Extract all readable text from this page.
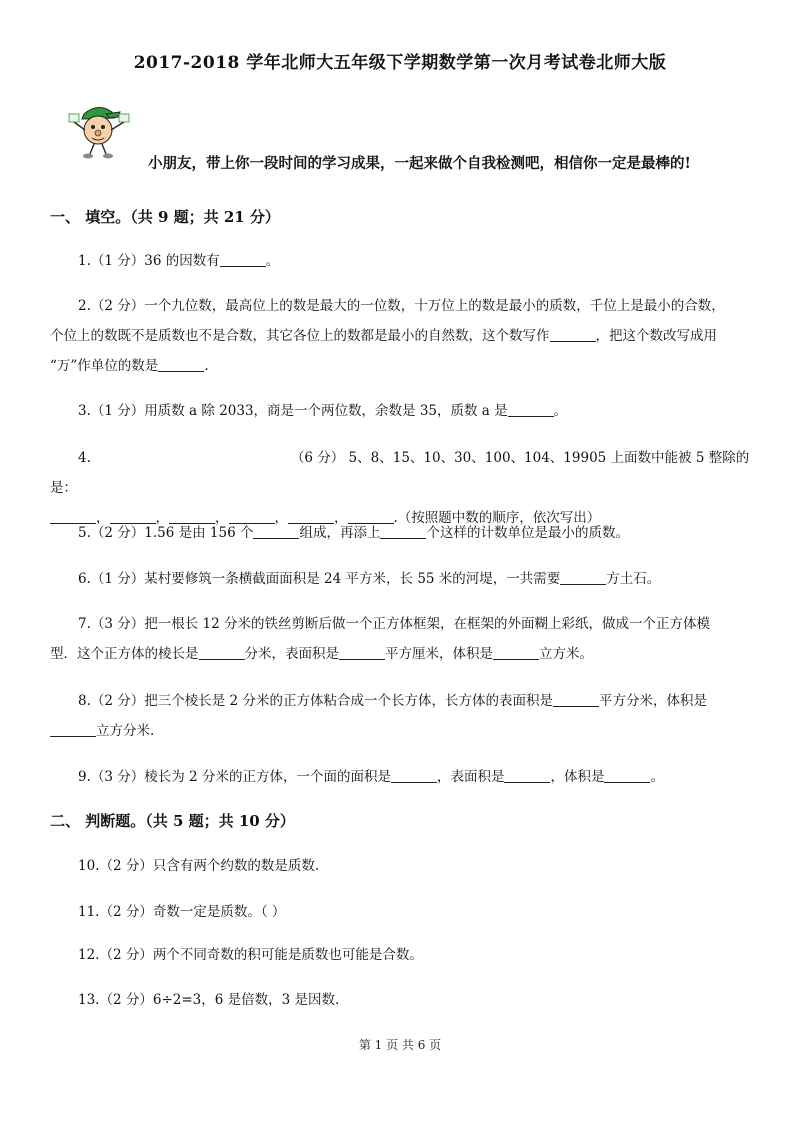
2017-2018 学年北师大五年级下学期数学第一次月考试卷北师大版
小朋友，带上你一段时间的学习成果，一起来做个自我检测吧，相信你一定是最棒的!
一、 填空。（共 9 题；共 21 分）
1.（1 分）36 的因数有	。
2.（2 分）一个九位数，最高位上的数是最大的一位数，十万位上的数是最小的质数，千位上是最小的合数，
个位上的数既不是质数也不是合数，其它各位上的数都是最小的自然数，这个数写作	，把这个数改写成用
“万”作单位的数是	.
3.（1 分）用质数 a 除 2033，商是一个两位数，余数是 35，质数 a 是	。
4.	（6 分） 5、8、15、10、30、100、104、19905 上面数中能被 5 整除的是：
，	，	，	，	，	.（按照题中数的顺序，依次写出）
5.（2 分）1.56 是由 156 个	组成，再添上	个这样的计数单位是最小的质数。
6.（1 分）某村要修筑一条横截面面积是 24 平方米，长 55 米的河堤，一共需要	方土石。
7.（3 分）把一根长 12 分米的铁丝剪断后做一个正方体框架，在框架的外面糊上彩纸，做成一个正方体模
型．这个正方体的棱长是	分米，表面积是	平方厘米，体积是	立方米。
8.（2 分）把三个棱长是 2 分米的正方体粘合成一个长方体，长方体的表面积是	平方分米，体积是
立方分米.
9.（3 分）棱长为 2 分米的正方体，一个面的面积是	，表面积是	，体积是	。
二、 判断题。（共 5 题；共 10 分）
10.（2 分）只含有两个约数的数是质数.
11.（2 分）奇数一定是质数。（ ）
12.（2 分）两个不同奇数的积可能是质数也可能是合数。
13.（2 分）6÷2=3，6 是倍数，3 是因数.
第 1 页 共 6 页
